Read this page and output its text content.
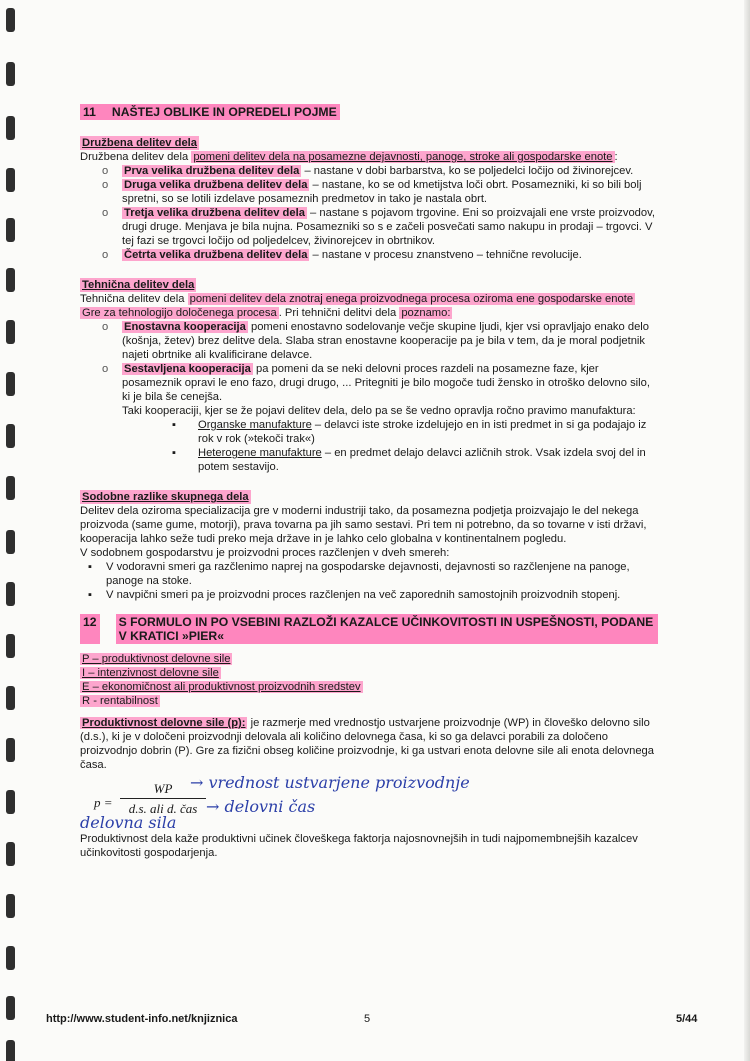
11 NAŠTEJ OBLIKE IN OPREDELI POJME
Družbena delitev dela

Družbena delitev dela pomeni delitev dela na posamezne dejavnosti, panoge, stroke ali gospodarske enote :

o	Prva velika družbena delitev dela – nastane v dobi barbarstva, ko se poljedelci ločijo od živinorejcev.

o	Druga velika družbena delitev dela – nastane, ko se od kmetijstva loči obrt. Posamezniki, ki so bili bolj spretni, so se lotili izdelave posameznih predmetov in tako je nastala obrt.

o	Tretja velika družbena delitev dela – nastane s pojavom trgovine. Eni so proizvajali ene vrste proizvodov, drugi druge. Menjava je bila nujna. Posamezniki so s e začeli posvečati samo nakupu in prodaji – trgovci. V tej fazi se trgovci ločijo od poljedelcev, živinorejcev in obrtnikov.

o	Četrta velika družbena delitev dela – nastane v procesu znanstveno – tehnične revolucije.

Tehnična delitev dela

Tehnična delitev dela pomeni delitev dela znotraj enega proizvodnega procesa oziroma ene gospodarske enote
Gre za tehnologijo določenega procesa . Pri tehnični delitvi dela poznamo:

o	Enostavna kooperacija pomeni enostavno sodelovanje večje skupine ljudi, kjer vsi opravljajo enako delo (košnja, žetev) brez delitve dela. Slaba stran enostavne kooperacije pa je bila v tem, da je moral podjetnik najeti obrtnike ali kvalificirane delavce.

o	Sestavljena kooperacija pa pomeni da se neki delovni proces razdeli na posamezne faze, kjer posameznik opravi le eno fazo, drugi drugo, ... Pritegniti je bilo mogoče tudi žensko in otroško delovno silo, ki je bila še cenejša.

Taki kooperaciji, kjer se že pojavi delitev dela, delo pa se še vedno opravlja ročno pravimo manufaktura:

▪	Organske manufakture – delavci iste stroke izdelujejo en in isti predmet in si ga podajajo iz rok v rok (»tekoči trak«)

▪	Heterogene manufakture – en predmet delajo delavci azličnih strok. Vsak izdela svoj del in potem sestavijo.

Sodobne razlike skupnega dela

Delitev dela oziroma specializacija gre v moderni industriji tako, da posamezna podjetja proizvajajo le del nekega proizvoda (same gume, motorji), prava tovarna pa jih samo sestavi. Pri tem ni potrebno, da so tovarne v isti državi, kooperacija lahko seže tudi preko meja države in je lahko celo globalna v kontinentalnem pogledu.

V sodobnem gospodarstvu je proizvodni proces razčlenjen v dveh smereh:

▪	V vodoravni smeri ga razčlenimo naprej na gospodarske dejavnosti, dejavnosti so razčlenjene na panoge, panoge na stoke.

▪	V navpični smeri pa je proizvodni proces razčlenjen na več zaporednih samostojnih proizvodnih stopenj.

12 S FORMULO IN PO VSEBINI RAZLOŽI KAZALCE UČINKOVITOSTI IN USPEŠNOSTI, PODANE V KRATICI »PIER«

P – produktivnost delovne sile

I – intenzivnost delovne sile

E – ekonomičnost ali produktivnost proizvodnih sredstev

R - rentabilnost

Produktivnost delovne sile (p): je razmerje med vrednostjo ustvarjene proizvodnje (WP) in človeško delovno silo (d.s.), ki je v določeni proizvodnji delovala ali količino delovnega časa, ki so ga delavci porabili za določeno proizvodnjo dobrin (P). Gre za fizični obseg količine proizvodnje, ki ga ustvari enota delovne sile ali enota delovnega časa.

p =
WP
d.s. ali d. čas
→ vrednost ustvarjene proizvodnje
→ delovni čas
delovna sila

Produktivnost dela kaže produktivni učinek človeškega faktorja najosnovnejših in tudi najpomembnejših kazalcev učinkovitosti gospodarjenja.

http://www.student-info.net/knjiznica	5	5/44
